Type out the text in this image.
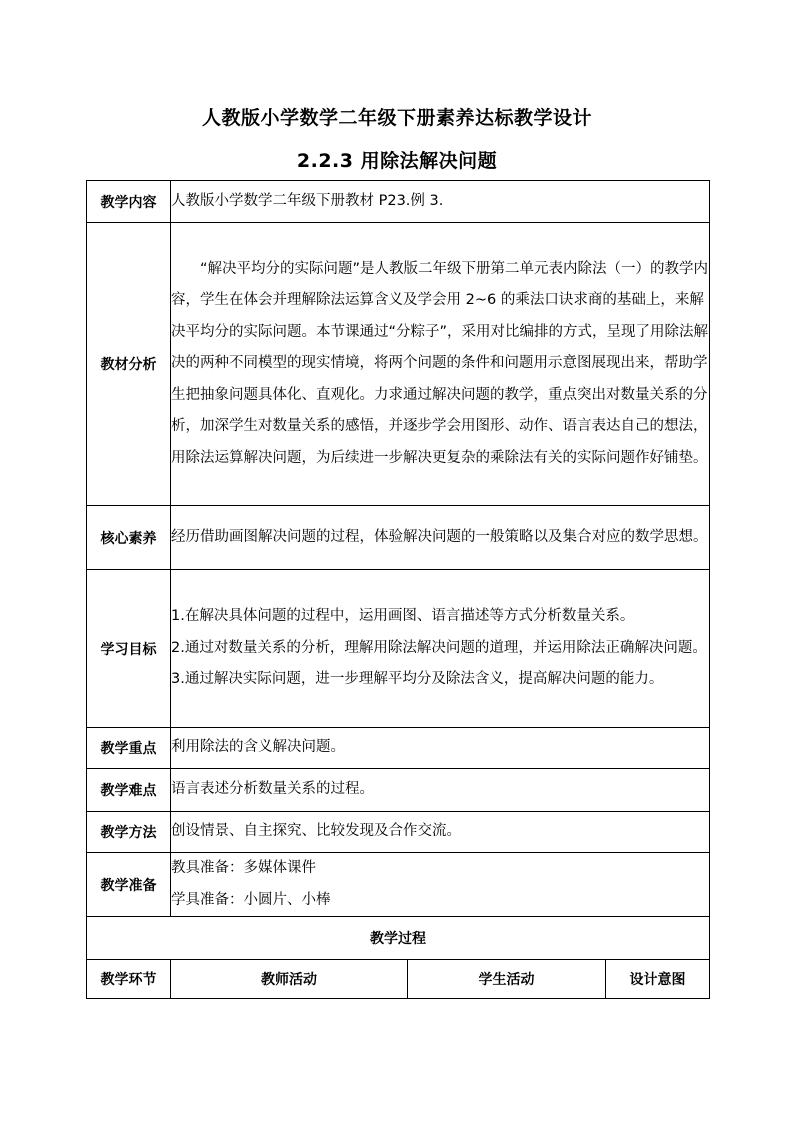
人教版小学数学二年级下册素养达标教学设计
2.2.3 用除法解决问题
教学内容	人教版小学数学二年级下册教材 P23.例 3.		
教材分析	“解决平均分的实际问题”是人教版二年级下册第二单元表内除法（一）的教学内容，学生在体会并理解除法运算含义及学会用 2~6 的乘法口诀求商的基础上，来解决平均分的实际问题。本节课通过“分粽子”，采用对比编排的方式，呈现了用除法解决的两种不同模型的现实情境，将两个问题的条件和问题用示意图展现出来，帮助学生把抽象问题具体化、直观化。力求通过解决问题的教学，重点突出对数量关系的分析，加深学生对数量关系的感悟，并逐步学会用图形、动作、语言表达自己的想法，用除法运算解决问题，为后续进一步解决更复杂的乘除法有关的实际问题作好铺垫。		

核心素养	经历借助画图解决问题的过程，体验解决问题的一般策略以及集合对应的数学思想。		
学习目标	1.在解决具体问题的过程中，运用画图、语言描述等方式分析数量关系。

2.通过对数量关系的分析，理解用除法解决问题的道理，并运用除法正确解决问题。

3.通过解决实际问题，进一步理解平均分及除法含义，提高解决问题的能力。		

教学重点	利用除法的含义解决问题。		
教学难点	语言表述分析数量关系的过程。		
教学方法	创设情景、自主探究、比较发现及合作交流。		
教学准备	教具准备：多媒体课件

学具准备：小圆片、小棒		

教学过程			
教学环节	教师活动	学生活动	设计意图
